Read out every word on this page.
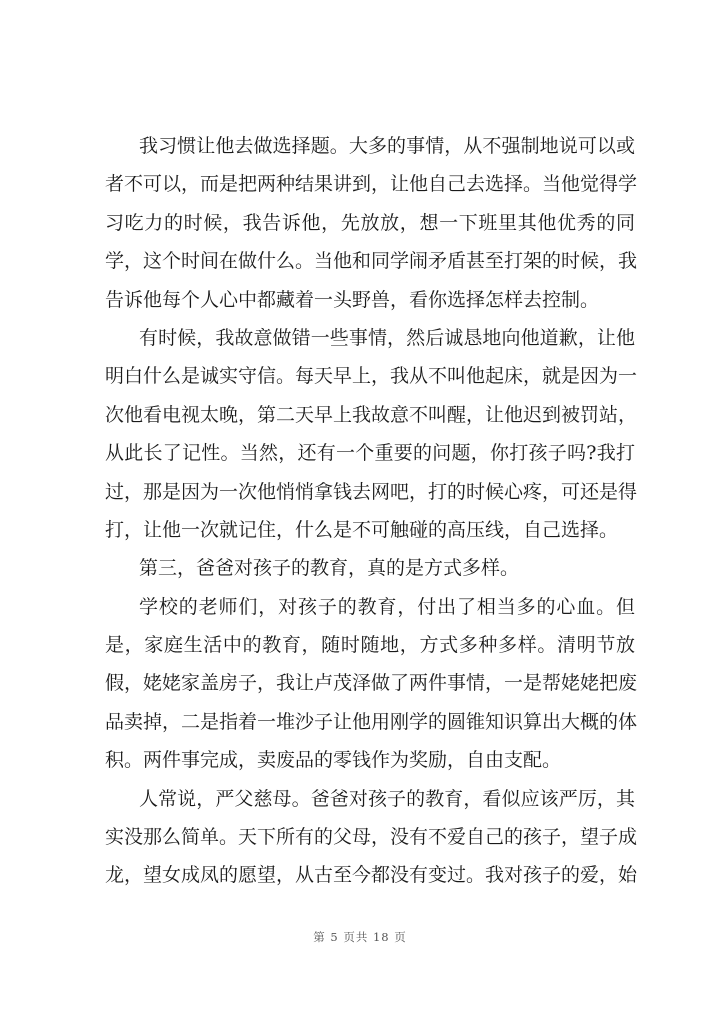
我习惯让他去做选择题。大多的事情，从不强制地说可以或
者不可以，而是把两种结果讲到，让他自己去选择。当他觉得学
习吃力的时候，我告诉他，先放放，想一下班里其他优秀的同
学，这个时间在做什么。当他和同学闹矛盾甚至打架的时候，我
告诉他每个人心中都藏着一头野兽，看你选择怎样去控制。
有时候，我故意做错一些事情，然后诚恳地向他道歉，让他
明白什么是诚实守信。每天早上，我从不叫他起床，就是因为一
次他看电视太晚，第二天早上我故意不叫醒，让他迟到被罚站，
从此长了记性。当然，还有一个重要的问题，你打孩子吗?我打
过，那是因为一次他悄悄拿钱去网吧，打的时候心疼，可还是得
打，让他一次就记住，什么是不可触碰的高压线，自己选择。
第三，爸爸对孩子的教育，真的是方式多样。
学校的老师们，对孩子的教育，付出了相当多的心血。但
是，家庭生活中的教育，随时随地，方式多种多样。清明节放
假，姥姥家盖房子，我让卢茂泽做了两件事情，一是帮姥姥把废
品卖掉，二是指着一堆沙子让他用刚学的圆锥知识算出大概的体
积。两件事完成，卖废品的零钱作为奖励，自由支配。
人常说，严父慈母。爸爸对孩子的教育，看似应该严厉，其
实没那么简单。天下所有的父母，没有不爱自己的孩子，望子成
龙，望女成凤的愿望，从古至今都没有变过。我对孩子的爱，始
第 5 页共 18 页
